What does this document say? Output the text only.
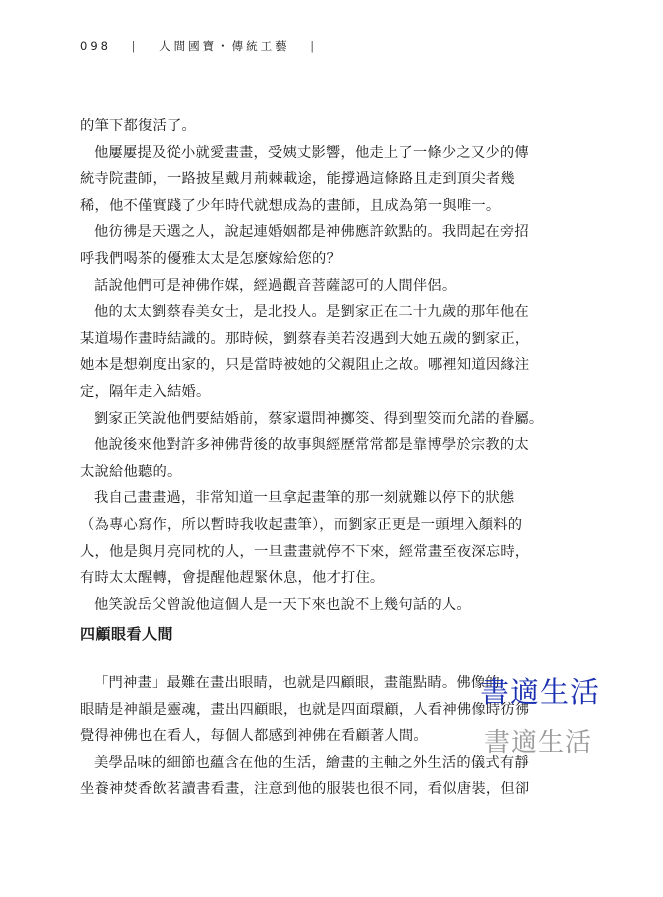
098 | 人間國寶・傳統工藝 |
的筆下都復活了。
他屢屢提及從小就愛畫畫，受姨丈影響，他走上了一條少之又少的傳
統寺院畫師，一路披星戴月荊棘載途，能撐過這條路且走到頂尖者幾
稀，他不僅實踐了少年時代就想成為的畫師，且成為第一與唯一。
他彷彿是天選之人，說起連婚姻都是神佛應許欽點的。我問起在旁招
呼我們喝茶的優雅太太是怎麼嫁給您的？
話說他們可是神佛作媒，經過觀音菩薩認可的人間伴侶。
他的太太劉蔡春美女士，是北投人。是劉家正在二十九歲的那年他在
某道場作畫時結識的。那時候，劉蔡春美若沒遇到大她五歲的劉家正，
她本是想剃度出家的，只是當時被她的父親阻止之故。哪裡知道因緣注
定，隔年走入結婚。
劉家正笑說他們要結婚前，蔡家還問神擲筊、得到聖筊而允諾的眷屬。
他說後來他對許多神佛背後的故事與經歷常常都是靠博學於宗教的太
太說給他聽的。
我自己畫畫過，非常知道一旦拿起畫筆的那一刻就難以停下的狀態
（為專心寫作，所以暫時我收起畫筆），而劉家正更是一頭埋入顏料的
人，他是與月亮同枕的人，一旦畫畫就停不下來，經常畫至夜深忘時，
有時太太醒轉，會提醒他趕緊休息，他才打住。
他笑說岳父曾說他這個人是一天下來也說不上幾句話的人。
四顧眼看人間
「門神畫」最難在畫出眼睛，也就是四顧眼，畫龍點睛。佛像的
眼睛是神韻是靈魂，畫出四顧眼，也就是四面環顧，人看神佛像時彷彿
覺得神佛也在看人，每個人都感到神佛在看顧著人間。
美學品味的細節也蘊含在他的生活，繪畫的主軸之外生活的儀式有靜
坐養神焚香飲茗讀書看畫，注意到他的服裝也很不同，看似唐裝，但卻
書適生活
書適生活
